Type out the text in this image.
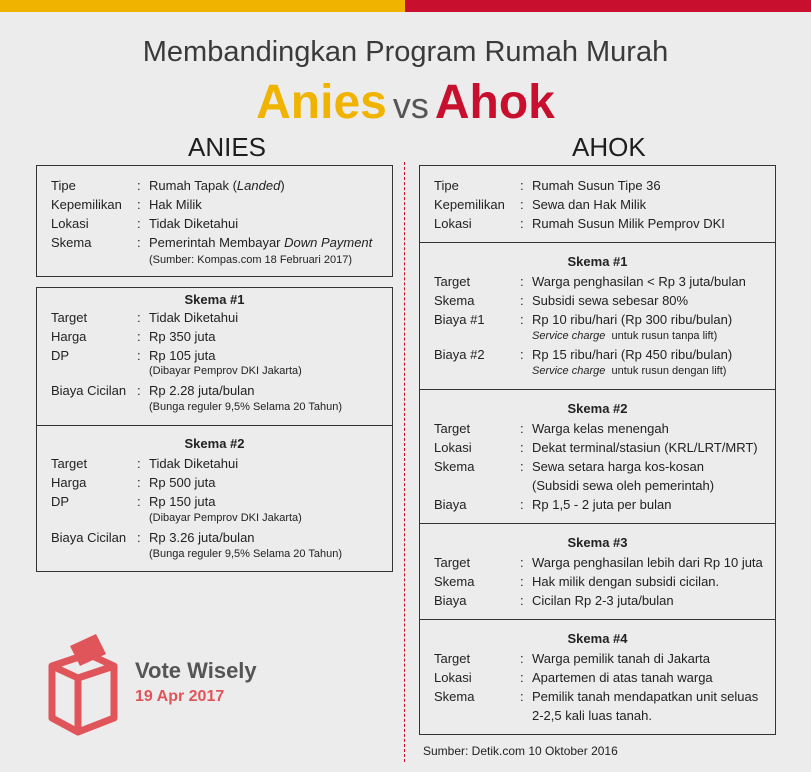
Membandingkan Program Rumah Murah
Anies vs Ahok
ANIES	AHOK
Tipe	: Rumah Tapak (Landed)
Kepemilikan : Hak Milik
Lokasi	: Tidak Diketahui
Skema	: Pemerintah Membayar Down Payment
(Sumber: Kompas.com 18 Februari 2017)
Skema #1
Target	: Tidak Diketahui
Harga	: Rp 350 juta
DP	: Rp 105 juta
(Dibayar Pemprov DKI Jakarta)
Biaya Cicilan : Rp 2.28 juta/bulan
(Bunga reguler 9,5% Selama 20 Tahun)
Skema #2
Target	: Tidak Diketahui
Harga	: Rp 500 juta
DP	: Rp 150 juta
(Dibayar Pemprov DKI Jakarta)
Biaya Cicilan : Rp 3.26 juta/bulan
(Bunga reguler 9,5% Selama 20 Tahun)
Tipe	: Rumah Susun Tipe 36
Kepemilikan : Sewa dan Hak Milik
Lokasi	: Rumah Susun Milik Pemprov DKI
Skema #1
Target	: Warga penghasilan < Rp 3 juta/bulan
Skema	: Subsidi sewa sebesar 80%
Biaya #1	: Rp 10 ribu/hari (Rp 300 ribu/bulan)
Service charge  untuk rusun tanpa lift)
Biaya #2	: Rp 15 ribu/hari (Rp 450 ribu/bulan)
Service charge  untuk rusun dengan lift)
Skema #2
Target	: Warga kelas menengah
Lokasi	: Dekat terminal/stasiun (KRL/LRT/MRT)
Skema	: Sewa setara harga kos-kosan
(Subsidi sewa oleh pemerintah)
Biaya	: Rp 1,5 - 2 juta per bulan
Skema #3
Target	: Warga penghasilan lebih dari Rp 10 juta
Skema	: Hak milik dengan subsidi cicilan.
Biaya	: Cicilan Rp 2-3 juta/bulan
Skema #4
Target	: Warga pemilik tanah di Jakarta
Lokasi	: Apartemen di atas tanah warga
Skema	: Pemilik tanah mendapatkan unit seluas
2-2,5 kali luas tanah.
Sumber: Detik.com 10 Oktober 2016
Vote Wisely
19 Apr 2017
